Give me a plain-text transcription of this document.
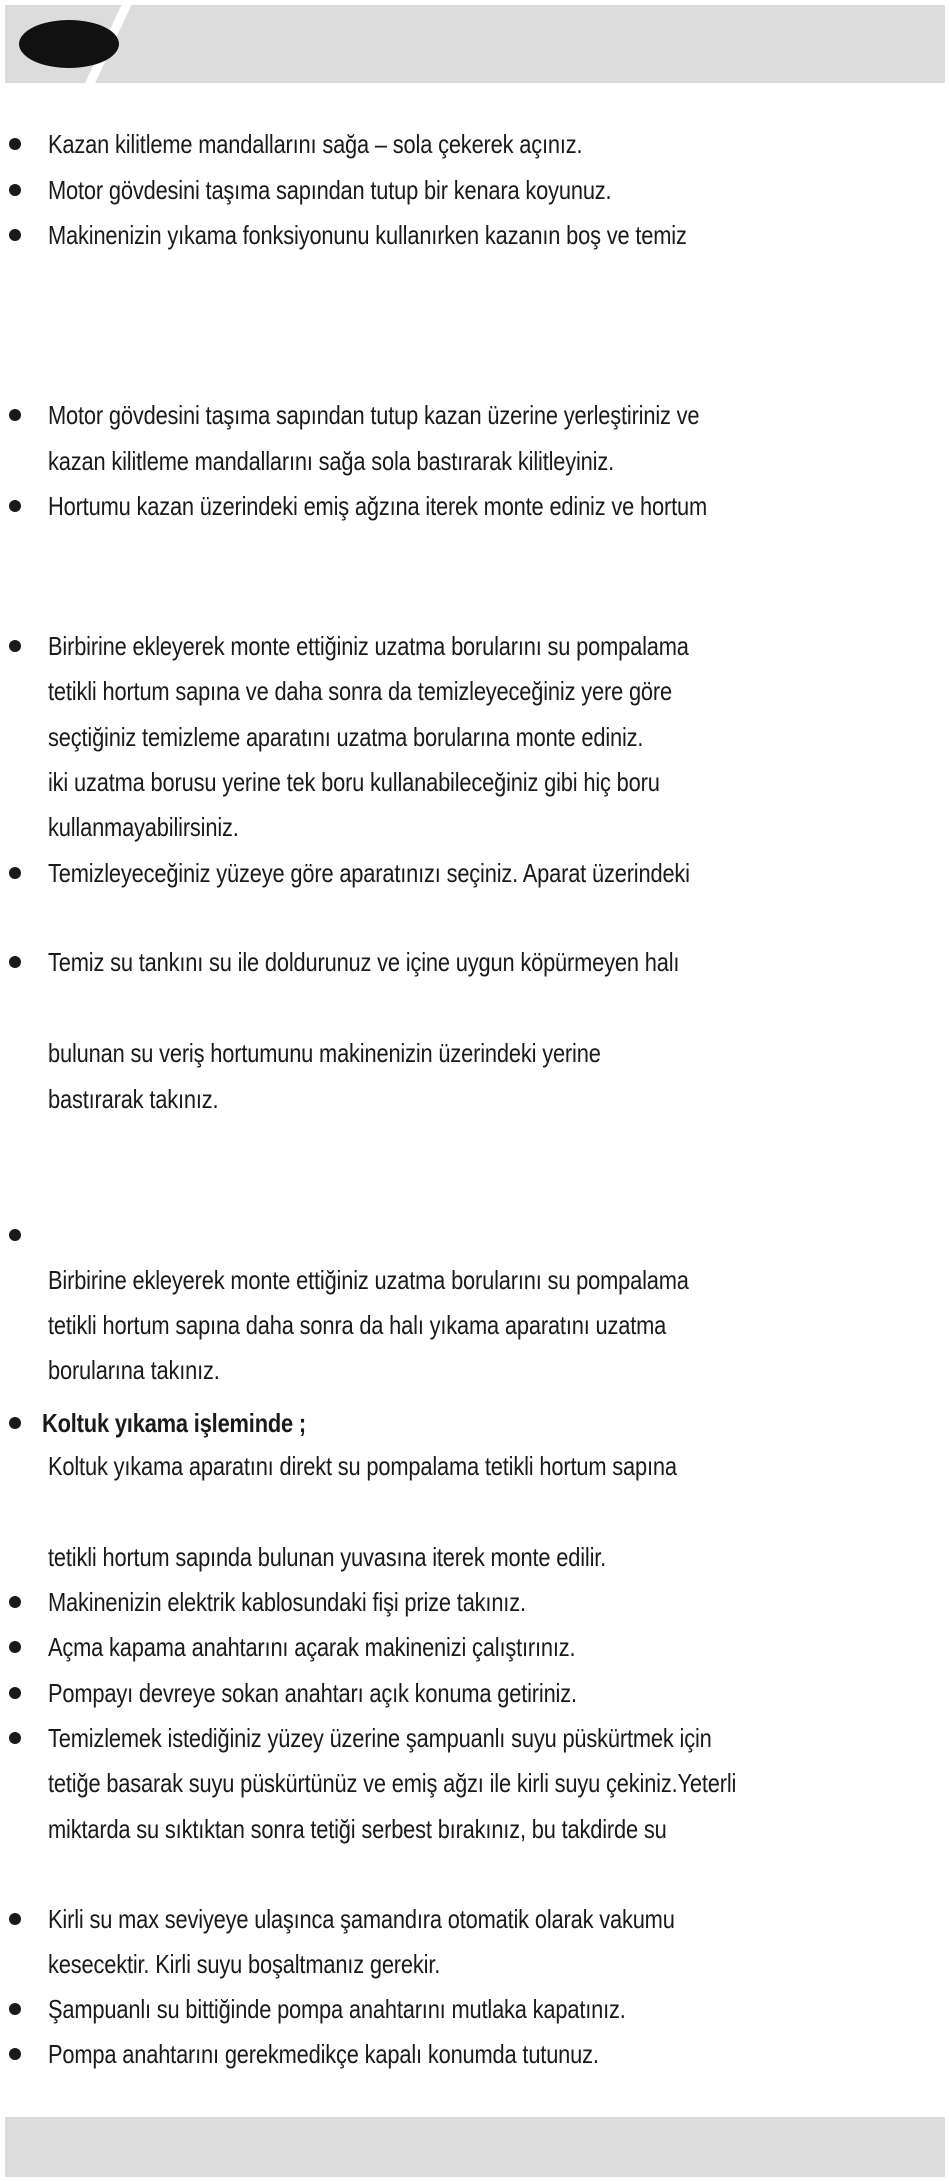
Kazan kilitleme mandallarını sağa – sola çekerek açınız.

Motor gövdesini taşıma sapından tutup bir kenara koyunuz.

Makinenizin yıkama fonksiyonunu kullanırken kazanın boş ve temiz

Motor gövdesini taşıma sapından tutup kazan üzerine yerleştiriniz ve

kazan kilitleme mandallarını sağa sola bastırarak kilitleyiniz.

Hortumu kazan üzerindeki emiş ağzına iterek monte ediniz ve hortum

Birbirine ekleyerek monte ettiğiniz uzatma borularını su pompalama

tetikli hortum sapına ve daha sonra da temizleyeceğiniz yere göre

seçtiğiniz temizleme aparatını uzatma borularına monte ediniz.

iki uzatma borusu yerine tek boru kullanabileceğiniz gibi hiç boru

kullanmayabilirsiniz.

Temizleyeceğiniz yüzeye göre aparatınızı seçiniz. Aparat üzerindeki

Temiz su tankını su ile doldurunuz ve içine uygun köpürmeyen halı

bulunan su veriş hortumunu makinenizin üzerindeki yerine

bastırarak takınız.

Birbirine ekleyerek monte ettiğiniz uzatma borularını su pompalama

tetikli hortum sapına daha sonra da halı yıkama aparatını uzatma

borularına takınız.

Koltuk yıkama işleminde ;

Koltuk yıkama aparatını direkt su pompalama tetikli hortum sapına

tetikli hortum sapında bulunan yuvasına iterek monte edilir.

Makinenizin elektrik kablosundaki fişi prize takınız.

Açma kapama anahtarını açarak makinenizi çalıştırınız.

Pompayı devreye sokan anahtarı açık konuma getiriniz.

Temizlemek istediğiniz yüzey üzerine şampuanlı suyu püskürtmek için

tetiğe basarak suyu püskürtünüz ve emiş ağzı ile kirli suyu çekiniz.Yeterli

miktarda su sıktıktan sonra tetiği serbest bırakınız, bu takdirde su

Kirli su max seviyeye ulaşınca şamandıra otomatik olarak vakumu

kesecektir. Kirli suyu boşaltmanız gerekir.

Şampuanlı su bittiğinde pompa anahtarını mutlaka kapatınız.

Pompa anahtarını gerekmedikçe kapalı konumda tutunuz.
